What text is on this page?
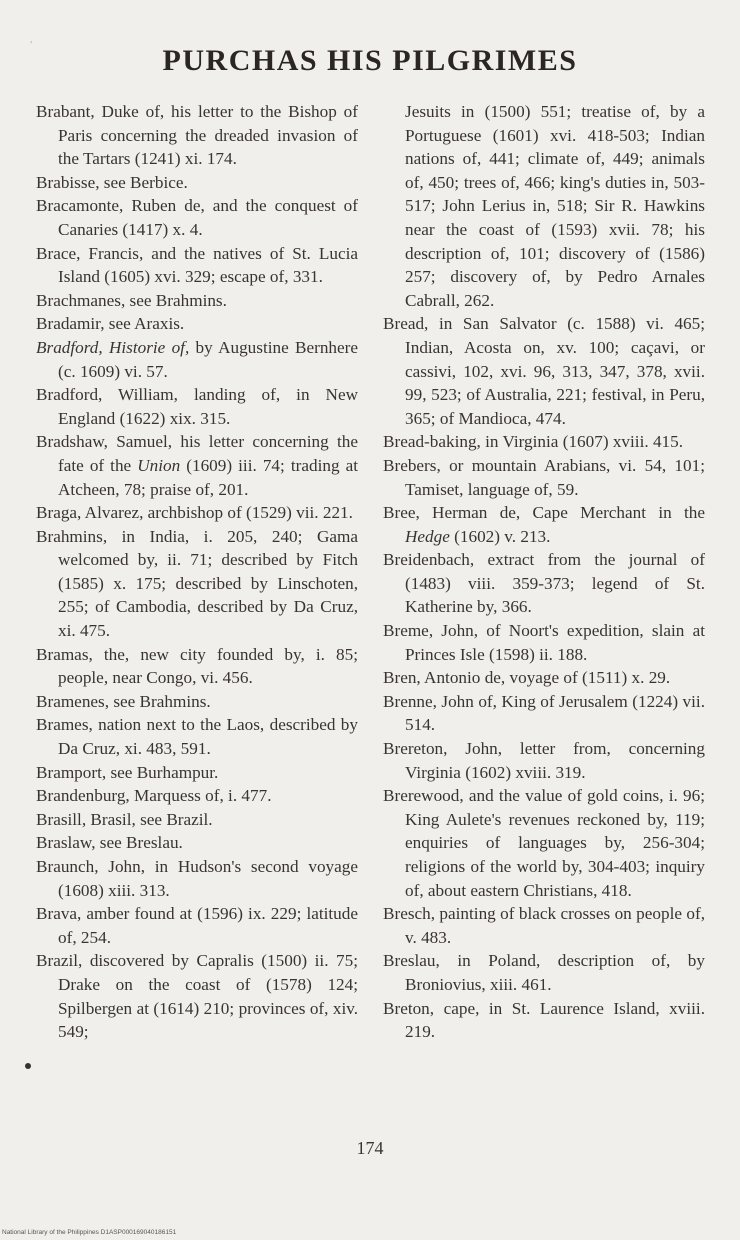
'	PURCHAS HIS PILGRIMES

Brabant, Duke of, his letter to the Bishop of Paris concerning the dreaded invasion of the Tartars (1241) xi. 174.

Brabisse, see Berbice.

Bracamonte, Ruben de, and the conquest of Canaries (1417) x. 4.

Brace, Francis, and the natives of St. Lucia Island (1605) xvi. 329; escape of, 331.

Brachmanes, see Brahmins.

Bradamir, see Araxis.

Bradford, Historie of, by Augustine Bernhere (c. 1609) vi. 57.

Bradford, William, landing of, in New England (1622) xix. 315.

Bradshaw, Samuel, his letter concerning the fate of the Union (1609) iii. 74; trading at Atcheen, 78; praise of, 201.

Braga, Alvarez, archbishop of (1529) vii. 221.

Brahmins, in India, i. 205, 240; Gama welcomed by, ii. 71; described by Fitch (1585) x. 175; described by Linschoten, 255; of Cambodia, described by Da Cruz, xi. 475.

Bramas, the, new city founded by, i. 85; people, near Congo, vi. 456.

Bramenes, see Brahmins.

Brames, nation next to the Laos, described by Da Cruz, xi. 483, 591.

Bramport, see Burhampur.

Brandenburg, Marquess of, i. 477.

Brasill, Brasil, see Brazil.

Braslaw, see Breslau.

Braunch, John, in Hudson's second voyage (1608) xiii. 313.

Brava, amber found at (1596) ix. 229; latitude of, 254.

Brazil, discovered by Capralis (1500) ii. 75; Drake on the coast of (1578) 124; Spilbergen at (1614) 210; provinces of, xiv. 549;

Jesuits in (1500) 551; treatise of, by a Portuguese (1601) xvi. 418-503; Indian nations of, 441; climate of, 449; animals of, 450; trees of, 466; king's duties in, 503-517; John Lerius in, 518; Sir R. Hawkins near the coast of (1593) xvii. 78; his description of, 101; discovery of (1586) 257; discovery of, by Pedro Arnales Cabrall, 262.

Bread, in San Salvator (c. 1588) vi. 465; Indian, Acosta on, xv. 100; caçavi, or cassivi, 102, xvi. 96, 313, 347, 378, xvii. 99, 523; of Australia, 221; festival, in Peru, 365; of Mandioca, 474.

Bread-baking, in Virginia (1607) xviii. 415.

Brebers, or mountain Arabians, vi. 54, 101; Tamiset, language of, 59.

Bree, Herman de, Cape Merchant in the Hedge (1602) v. 213.

Breidenbach, extract from the journal of (1483) viii. 359-373; legend of St. Katherine by, 366.

Breme, John, of Noort's expedition, slain at Princes Isle (1598) ii. 188.

Bren, Antonio de, voyage of (1511) x. 29.

Brenne, John of, King of Jerusalem (1224) vii. 514.

Brereton, John, letter from, concerning Virginia (1602) xviii. 319.

Brerewood, and the value of gold coins, i. 96; King Aulete's revenues reckoned by, 119; enquiries of languages by, 256-304; religions of the world by, 304-403; inquiry of, about eastern Christians, 418.

Bresch, painting of black crosses on people of, v. 483.

Breslau, in Poland, description of, by Broniovius, xiii. 461.

Breton, cape, in St. Laurence Island, xviii. 219.

174
National Library of the Philippines D1ASP000169040186151
